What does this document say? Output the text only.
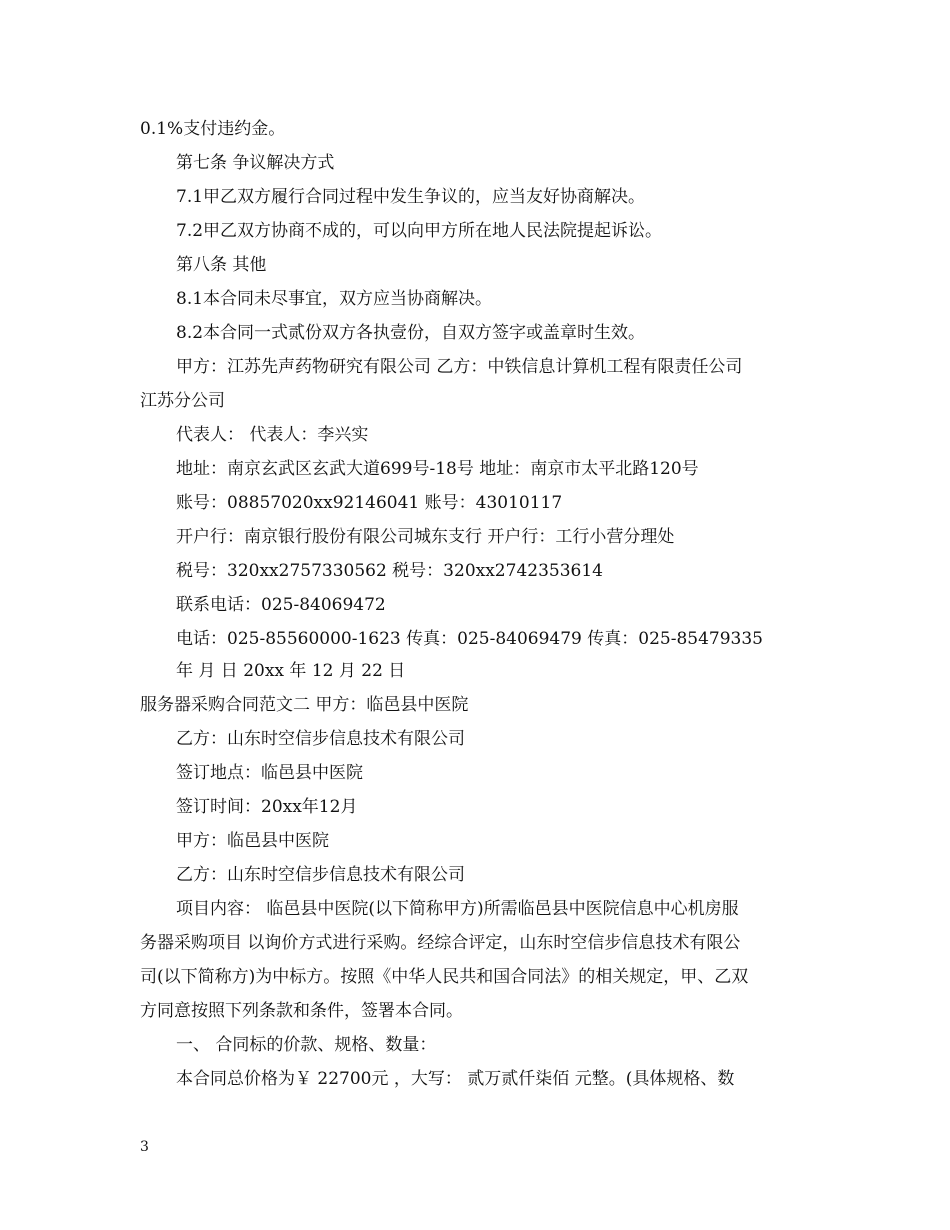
0.1%支付违约金。
第七条 争议解决方式
7.1甲乙双方履行合同过程中发生争议的，应当友好协商解决。
7.2甲乙双方协商不成的，可以向甲方所在地人民法院提起诉讼。
第八条 其他
8.1本合同未尽事宜，双方应当协商解决。
8.2本合同一式贰份双方各执壹份，自双方签字或盖章时生效。
甲方：江苏先声药物研究有限公司 乙方：中铁信息计算机工程有限责任公司
江苏分公司
代表人： 代表人：李兴实
地址：南京玄武区玄武大道699号-18号 地址：南京市太平北路120号
账号：08857020xx92146041 账号：43010117
开户行：南京银行股份有限公司城东支行 开户行：工行小营分理处
税号：320xx2757330562 税号：320xx2742353614
联系电话：025-84069472
电话：025-85560000-1623 传真：025-84069479 传真：025-85479335
年 月 日 20xx 年 12 月 22 日
服务器采购合同范文二 甲方：临邑县中医院
乙方：山东时空信步信息技术有限公司
签订地点：临邑县中医院
签订时间：20xx年12月
甲方：临邑县中医院
乙方：山东时空信步信息技术有限公司
项目内容： 临邑县中医院(以下简称甲方)所需临邑县中医院信息中心机房服
务器采购项目 以询价方式进行采购。经综合评定，山东时空信步信息技术有限公
司(以下简称方)为中标方。按照《中华人民共和国合同法》的相关规定，甲、乙双
方同意按照下列条款和条件，签署本合同。
一、 合同标的价款、规格、数量：
本合同总价格为￥ 22700元 ，大写： 贰万贰仟柒佰 元整。(具体规格、数
3
